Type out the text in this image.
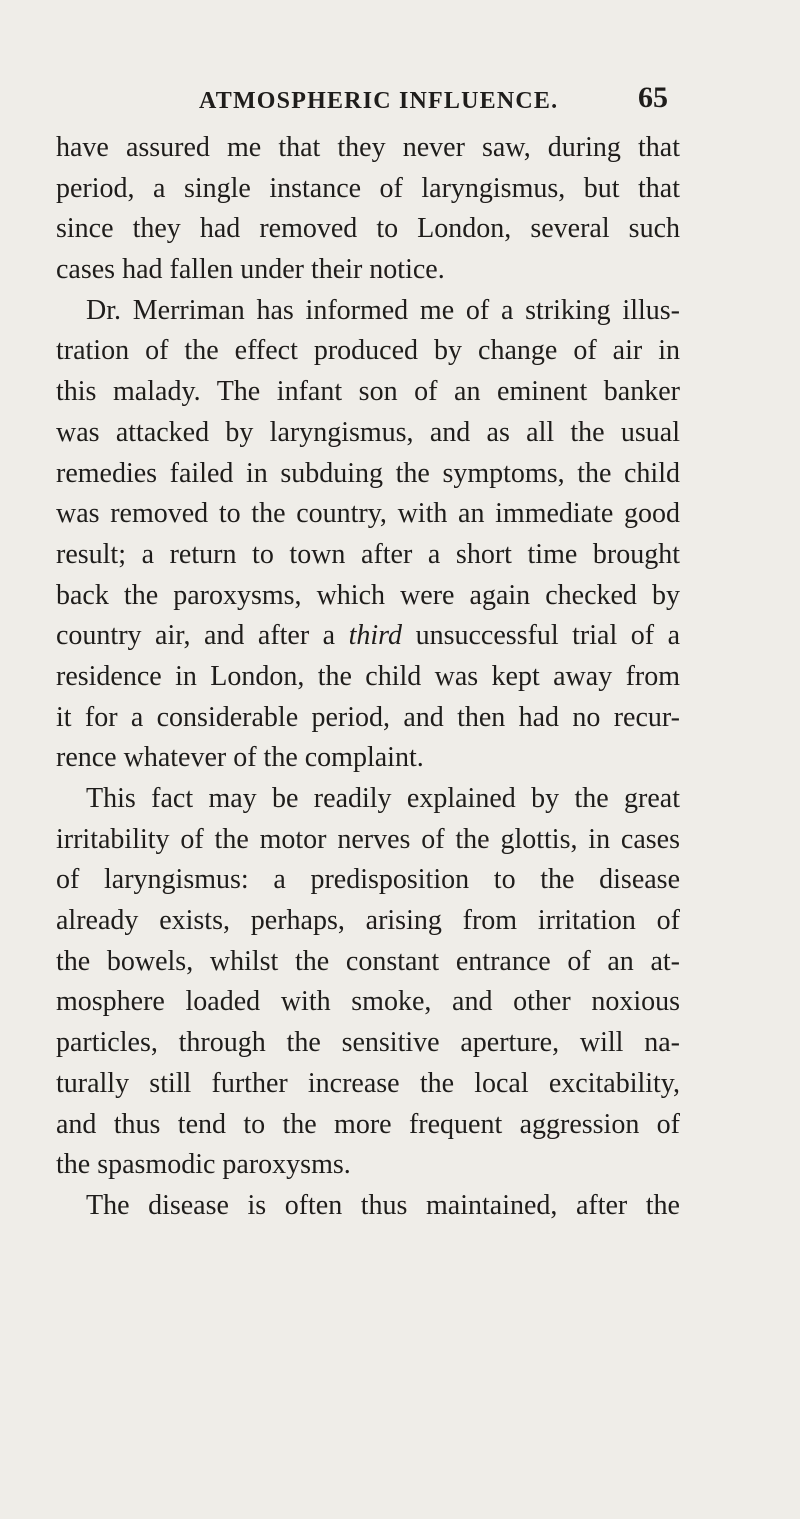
ATMOSPHERIC INFLUENCE.	65
have assured me that they never saw, during that
period, a single instance of laryngismus, but that
since they had removed to London, several such
cases had fallen under their notice.
Dr. Merriman has informed me of a striking illus-
tration of the effect produced by change of air in
this malady. The infant son of an eminent banker
was attacked by laryngismus, and as all the usual
remedies failed in subduing the symptoms, the child
was removed to the country, with an immediate good
result; a return to town after a short time brought
back the paroxysms, which were again checked by
country air, and after a third unsuccessful trial of a
residence in London, the child was kept away from
it for a considerable period, and then had no recur-
rence whatever of the complaint.
This fact may be readily explained by the great
irritability of the motor nerves of the glottis, in cases
of laryngismus: a predisposition to the disease
already exists, perhaps, arising from irritation of
the bowels, whilst the constant entrance of an at-
mosphere loaded with smoke, and other noxious
particles, through the sensitive aperture, will na-
turally still further increase the local excitability,
and thus tend to the more frequent aggression of
the spasmodic paroxysms.
The disease is often thus maintained, after the
